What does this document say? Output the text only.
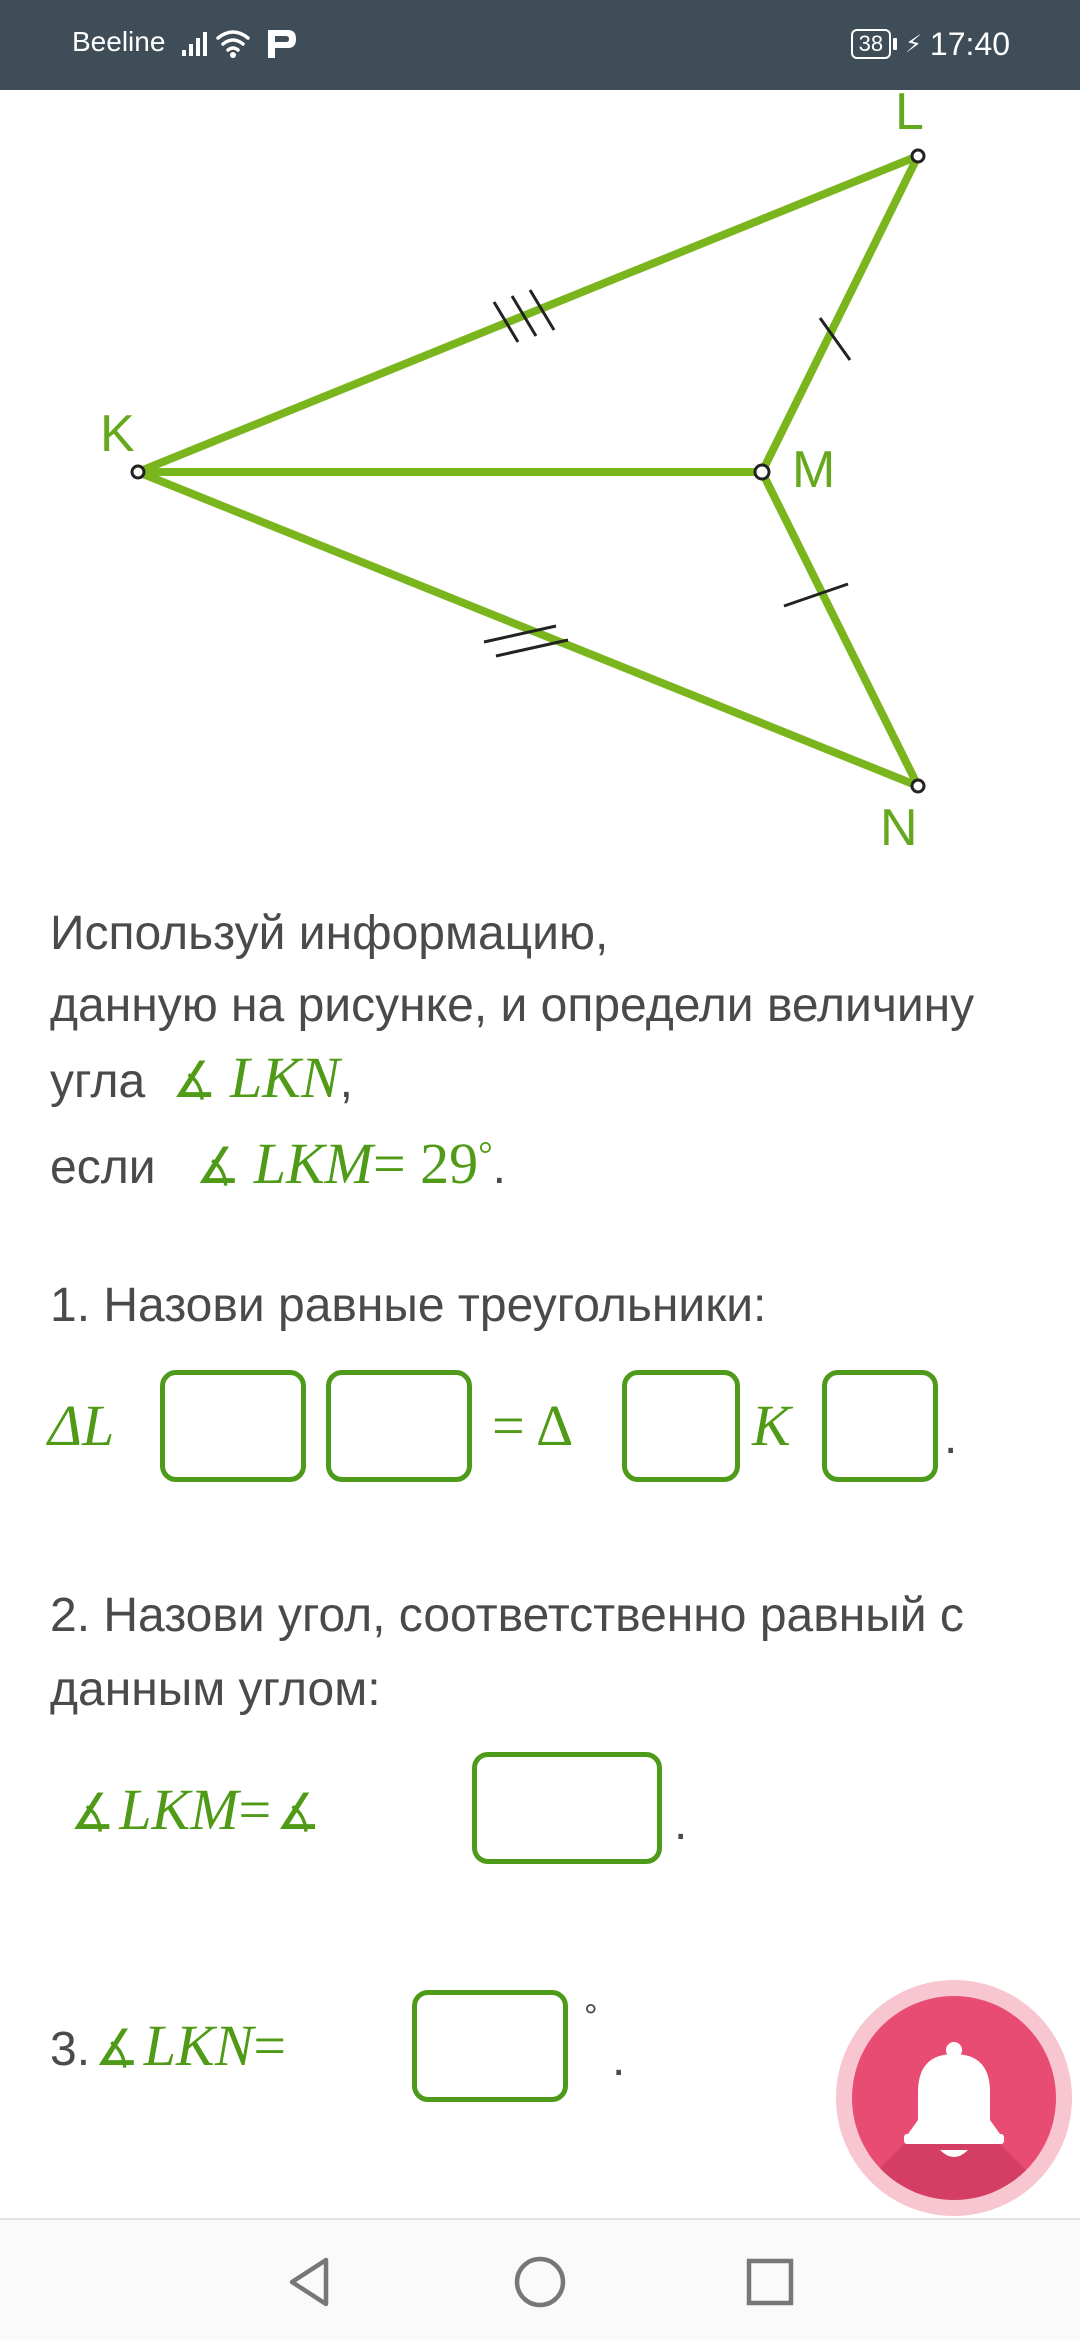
Beeline	38 ⚡ 17:40
L
K
M
N
Используй информацию,
данную на рисунке, и определи величину
угла ∡ LKN,
если ∡ LKM= 29°.
1. Назови равные треугольники:
ΔL	= Δ	K	.
2. Назови угол, соответственно равный с
данным углом:
∡ LKM= ∡	.
3. ∡ LKN=	°
.
